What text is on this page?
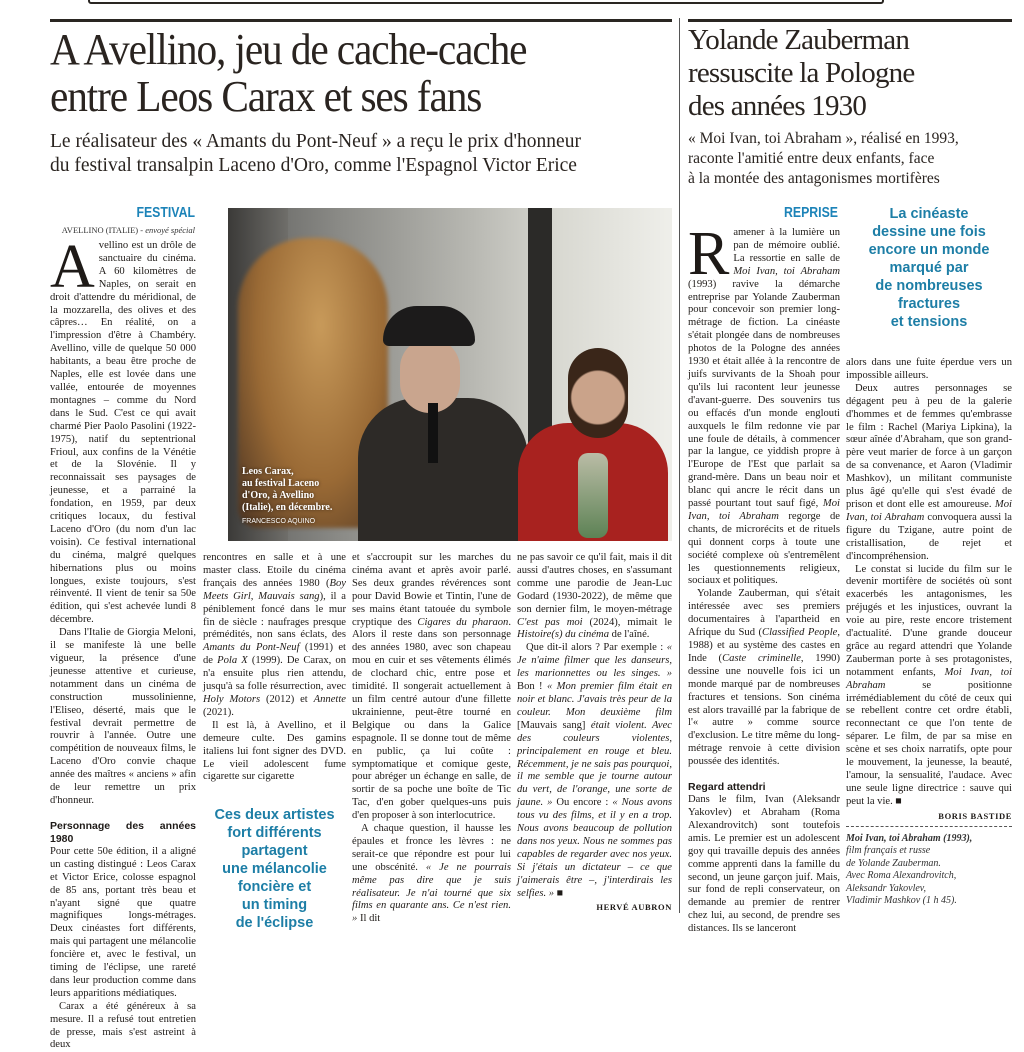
A Avellino, jeu de cache-cache
entre Leos Carax et ses fans
Le réalisateur des « Amants du Pont-Neuf » a reçu le prix d'honneur
du festival transalpin Laceno d'Oro, comme l'Espagnol Victor Erice
FESTIVAL
AVELLINO (ITALIE) - envoyé spécial

Avellino est un drôle de sanctuaire du cinéma. A 60 kilomètres de Naples, on serait en droit d'attendre du méridional, de la mozzarella, des olives et des câpres… En réalité, on a l'impression d'être à Chambéry. Avellino, ville de quelque 50 000 habitants, a beau être proche de Naples, elle est lovée dans une vallée, entourée de moyennes montagnes – comme du Nord dans le Sud. C'est ce qui avait charmé Pier Paolo Pasolini (1922-1975), natif du septentrional Frioul, aux confins de la Vénétie et de la Slovénie. Il y reconnaissait ses paysages de jeunesse, et a parrainé la fondation, en 1959, par deux critiques locaux, du festival Laceno d'Oro (du nom d'un lac voisin). Ce festival international du cinéma, malgré quelques hibernations plus ou moins longues, existe toujours, s'est réinventé. Il vient de tenir sa 50e édition, qui s'est achevée lundi 8 décembre.

Dans l'Italie de Giorgia Meloni, il se manifeste là une belle vigueur, la présence d'une jeunesse attentive et curieuse, notamment dans un cinéma de construction mussolinienne, l'Eliseo, déserté, mais que le festival devrait permettre de rouvrir à l'année. Outre une compétition de nouveaux films, le Laceno d'Oro convie chaque année des maîtres « anciens » afin de leur remettre un prix d'honneur.

Personnage des années 1980

Pour cette 50e édition, il a aligné un casting distingué : Leos Carax et Victor Erice, colosse espagnol de 85 ans, portant très beau et n'ayant signé que quatre magnifiques longs-métrages. Deux cinéastes fort différents, mais qui partagent une mélancolie foncière et, avec le festival, un timing de l'éclipse, une rareté dans leur production comme dans leurs apparitions médiatiques.

Carax a été généreux à sa mesure. Il a refusé tout entretien de presse, mais s'est astreint à deux

Leos Carax,
au festival Laceno
d'Oro, à Avellino
(Italie), en décembre.
FRANCESCO AQUINO

rencontres en salle et à une master class. Etoile du cinéma français des années 1980 (Boy Meets Girl, Mauvais sang), il a péniblement foncé dans le mur fin de siècle : naufrages presque prémédités, non sans éclats, des Amants du Pont-Neuf (1991) et de Pola X (1999). De Carax, on n'a ensuite plus rien attendu, jusqu'à sa folle résurrection, avec Holy Motors (2012) et Annette (2021).

Il est là, à Avellino, et il demeure culte. Des gamins italiens lui font signer des DVD. Le vieil adolescent fume cigarette sur cigarette

Ces deux artistes
fort différents
partagent
une mélancolie
foncière et
un timing
de l'éclipse

et s'accroupit sur les marches du cinéma avant et après avoir parlé. Ses deux grandes révérences sont pour David Bowie et Tintin, l'une de ses mains étant tatouée du symbole cryptique des Cigares du pharaon. Alors il reste dans son personnage des années 1980, avec son chapeau mou en cuir et ses vêtements élimés de clochard chic, entre pose et timidité. Il songerait actuellement à un film centré autour d'une fillette ukrainienne, peut-être tourné en Belgique ou dans la Galice espagnole. Il se donne tout de même en public, ça lui coûte : symptomatique et comique geste, pour abréger un échange en salle, de sortir de sa poche une boîte de Tic Tac, d'en gober quelques-uns puis d'en proposer à son interlocutrice.

A chaque question, il hausse les épaules et fronce les lèvres : ne serait-ce que répondre est pour lui une obscénité. « Je ne pourrais même pas dire que je suis réalisateur. Je n'ai tourné que six films en quarante ans. Ce n'est rien. » Il dit

ne pas savoir ce qu'il fait, mais il dit aussi d'autres choses, en s'assumant comme une parodie de Jean-Luc Godard (1930-2022), de même que son dernier film, le moyen-métrage C'est pas moi (2024), mimait le Histoire(s) du cinéma de l'aîné.

Que dit-il alors ? Par exemple : « Je n'aime filmer que les danseurs, les marionnettes ou les singes. » Bon ! « Mon premier film était en noir et blanc. J'avais très peur de la couleur. Mon deuxième film [Mauvais sang] était violent. Avec des couleurs violentes, principalement en rouge et bleu. Récemment, je ne sais pas pourquoi, il me semble que je tourne autour du vert, de l'orange, une sorte de jaune. » Ou encore : « Nous avons tous vu des films, et il y en a trop. Nous avons beaucoup de pollution dans nos yeux. Nous ne sommes pas capables de regarder avec nos yeux. Si j'étais un dictateur – ce que j'aimerais être –, j'interdirais les selfies. » ■

HERVÉ AUBRON
Yolande Zauberman
ressuscite la Pologne
des années 1930
« Moi Ivan, toi Abraham », réalisé en 1993,
raconte l'amitié entre deux enfants, face
à la montée des antagonismes mortifères
REPRISE

Ramener à la lumière un pan de mémoire oublié. La ressortie en salle de Moi Ivan, toi Abraham (1993) ravive la démarche entreprise par Yolande Zauberman pour concevoir son premier long-métrage de fiction. La cinéaste s'était plongée dans de nombreuses photos de la Pologne des années 1930 et était allée à la rencontre de juifs survivants de la Shoah pour qu'ils lui racontent leur jeunesse d'avant-guerre. Des souvenirs tus ou effacés d'un monde englouti auxquels le film redonne vie par une foule de détails, à commencer par la langue, ce yiddish propre à l'Europe de l'Est que parlait sa grand-mère. Dans un beau noir et blanc qui ancre le récit dans un passé pourtant tout sauf figé, Moi Ivan, toi Abraham regorge de chants, de microrécits et de rituels qui donnent corps à toute une société complexe où s'entremêlent les questionnements religieux, sociaux et politiques.

Yolande Zauberman, qui s'était intéressée avec ses premiers documentaires à l'apartheid en Afrique du Sud (Classified People, 1988) et au système des castes en Inde (Caste criminelle, 1990) dessine une nouvelle fois ici un monde marqué par de nombreuses fractures et tensions. Son cinéma est alors travaillé par la fabrique de l'« autre » comme source d'exclusion. Le titre même du long-métrage renvoie à cette division poussée des identités.

Regard attendri

Dans le film, Ivan (Aleksandr Yakovlev) et Abraham (Roma Alexandrovitch) sont toutefois amis. Le premier est un adolescent goy qui travaille depuis des années comme apprenti dans la famille du second, un jeune garçon juif. Mais, sur fond de repli conservateur, on demande au premier de rentrer chez lui, au second, de prendre ses distances. Ils se lanceront

La cinéaste
dessine une fois
encore un monde
marqué par
de nombreuses
fractures
et tensions

alors dans une fuite éperdue vers un impossible ailleurs.

Deux autres personnages se dégagent peu à peu de la galerie d'hommes et de femmes qu'embrasse le film : Rachel (Mariya Lipkina), la sœur aînée d'Abraham, que son grand-père veut marier de force à un garçon de sa convenance, et Aaron (Vladimir Mashkov), un militant communiste plus âgé qu'elle qui s'est évadé de prison et dont elle est amoureuse. Moi Ivan, toi Abraham convoquera aussi la figure du Tzigane, autre point de cristallisation, de rejet et d'incompréhension.

Le constat si lucide du film sur le devenir mortifère de sociétés où sont exacerbés les antagonismes, les préjugés et les injustices, ouvrant la voie au pire, reste encore tristement d'actualité. D'une grande douceur grâce au regard attendri que Yolande Zauberman porte à ses protagonistes, notamment enfants, Moi Ivan, toi Abraham se positionne irrémédiablement du côté de ceux qui se rebellent contre cet ordre établi, reconnectant ce que l'on tente de séparer. Le film, de par sa mise en scène et ses choix narratifs, opte pour le mouvement, la jeunesse, la beauté, l'amour, la sensualité, l'audace. Avec une seule ligne directrice : sauve qui peut la vie. ■

BORIS BASTIDE
Moi Ivan, toi Abraham (1993),
film français et russe
de Yolande Zauberman.
Avec Roma Alexandrovitch,
Aleksandr Yakovlev,
Vladimir Mashkov (1 h 45).
